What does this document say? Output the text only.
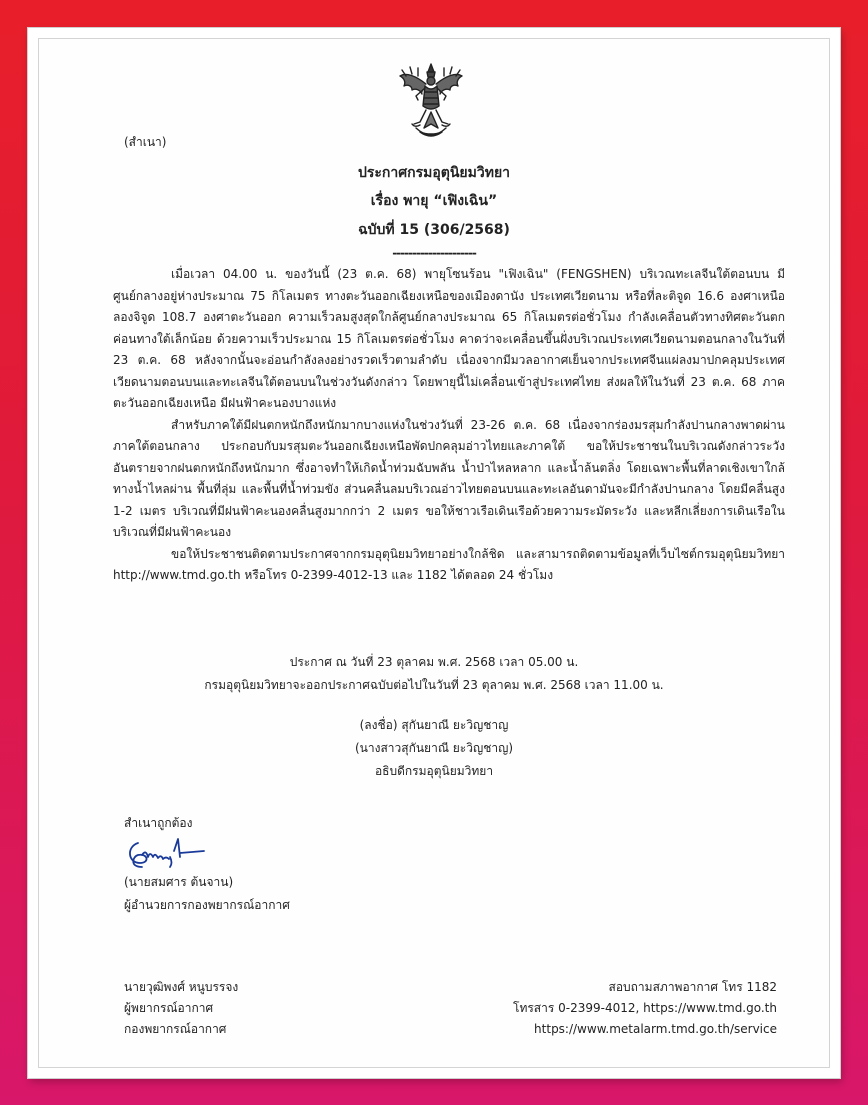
(สำเนา)
ประกาศกรมอุตุนิยมวิทยา
เรื่อง พายุ “เฟิงเฉิน”
ฉบับที่ 15 (306/2568)
---------------------

เมื่อเวลา 04.00 น. ของวันนี้ (23 ต.ค. 68) พายุโซนร้อน "เฟิงเฉิน" (FENGSHEN) บริเวณทะเลจีนใต้ตอนบน มีศูนย์กลางอยู่ห่างประมาณ 75 กิโลเมตร ทางตะวันออกเฉียงเหนือของเมืองดานัง ประเทศเวียดนาม หรือที่ละติจูด 16.6 องศาเหนือ ลองจิจูด 108.7 องศาตะวันออก ความเร็วลมสูงสุดใกล้ศูนย์กลางประมาณ 65 กิโลเมตรต่อชั่วโมง กำลังเคลื่อนตัวทางทิศตะวันตกค่อนทางใต้เล็กน้อย ด้วยความเร็วประมาณ 15 กิโลเมตรต่อชั่วโมง คาดว่าจะเคลื่อนขึ้นฝั่งบริเวณประเทศเวียดนามตอนกลางในวันที่ 23 ต.ค. 68 หลังจากนั้นจะอ่อนกำลังลงอย่างรวดเร็วตามลำดับ เนื่องจากมีมวลอากาศเย็นจากประเทศจีนแผ่ลงมาปกคลุมประเทศเวียดนามตอนบนและทะเลจีนใต้ตอนบนในช่วงวันดังกล่าว โดยพายุนี้ไม่เคลื่อนเข้าสู่ประเทศไทย ส่งผลให้ในวันที่ 23 ต.ค. 68 ภาคตะวันออกเฉียงเหนือ มีฝนฟ้าคะนองบางแห่ง

สำหรับภาคใต้มีฝนตกหนักถึงหนักมากบางแห่งในช่วงวันที่ 23-26 ต.ค. 68 เนื่องจากร่องมรสุมกำลังปานกลางพาดผ่านภาคใต้ตอนกลาง ประกอบกับมรสุมตะวันออกเฉียงเหนือพัดปกคลุมอ่าวไทยและภาคใต้ ขอให้ประชาชนในบริเวณดังกล่าวระวังอันตรายจากฝนตกหนักถึงหนักมาก ซึ่งอาจทำให้เกิดน้ำท่วมฉับพลัน น้ำป่าไหลหลาก และน้ำล้นตลิ่ง โดยเฉพาะพื้นที่ลาดเชิงเขาใกล้ทางน้ำไหลผ่าน พื้นที่ลุ่ม และพื้นที่น้ำท่วมขัง ส่วนคลื่นลมบริเวณอ่าวไทยตอนบนและทะเลอันดามันจะมีกำลังปานกลาง โดยมีคลื่นสูง 1-2 เมตร บริเวณที่มีฝนฟ้าคะนองคลื่นสูงมากกว่า 2 เมตร ขอให้ชาวเรือเดินเรือด้วยความระมัดระวัง และหลีกเลี่ยงการเดินเรือในบริเวณที่มีฝนฟ้าคะนอง

ขอให้ประชาชนติดตามประกาศจากกรมอุตุนิยมวิทยาอย่างใกล้ชิด และสามารถติดตามข้อมูลที่เว็บไซต์กรมอุตุนิยมวิทยา http://www.tmd.go.th หรือโทร 0-2399-4012-13 และ 1182 ได้ตลอด 24 ชั่วโมง

ประกาศ ณ วันที่ 23 ตุลาคม พ.ศ. 2568 เวลา 05.00 น.
กรมอุตุนิยมวิทยาจะออกประกาศฉบับต่อไปในวันที่ 23 ตุลาคม พ.ศ. 2568 เวลา 11.00 น.
(ลงชื่อ) สุกันยาณี ยะวิญชาญ
(นางสาวสุกันยาณี ยะวิญชาญ)
อธิบดีกรมอุตุนิยมวิทยา
สำเนาถูกต้อง
(นายสมศาร ต้นจาน)
ผู้อำนวยการกองพยากรณ์อากาศ
นายวุฒิพงศ์ หนูบรรจง
ผู้พยากรณ์อากาศ
กองพยากรณ์อากาศ
สอบถามสภาพอากาศ โทร 1182
โทรสาร 0-2399-4012, https://www.tmd.go.th
https://www.metalarm.tmd.go.th/service
